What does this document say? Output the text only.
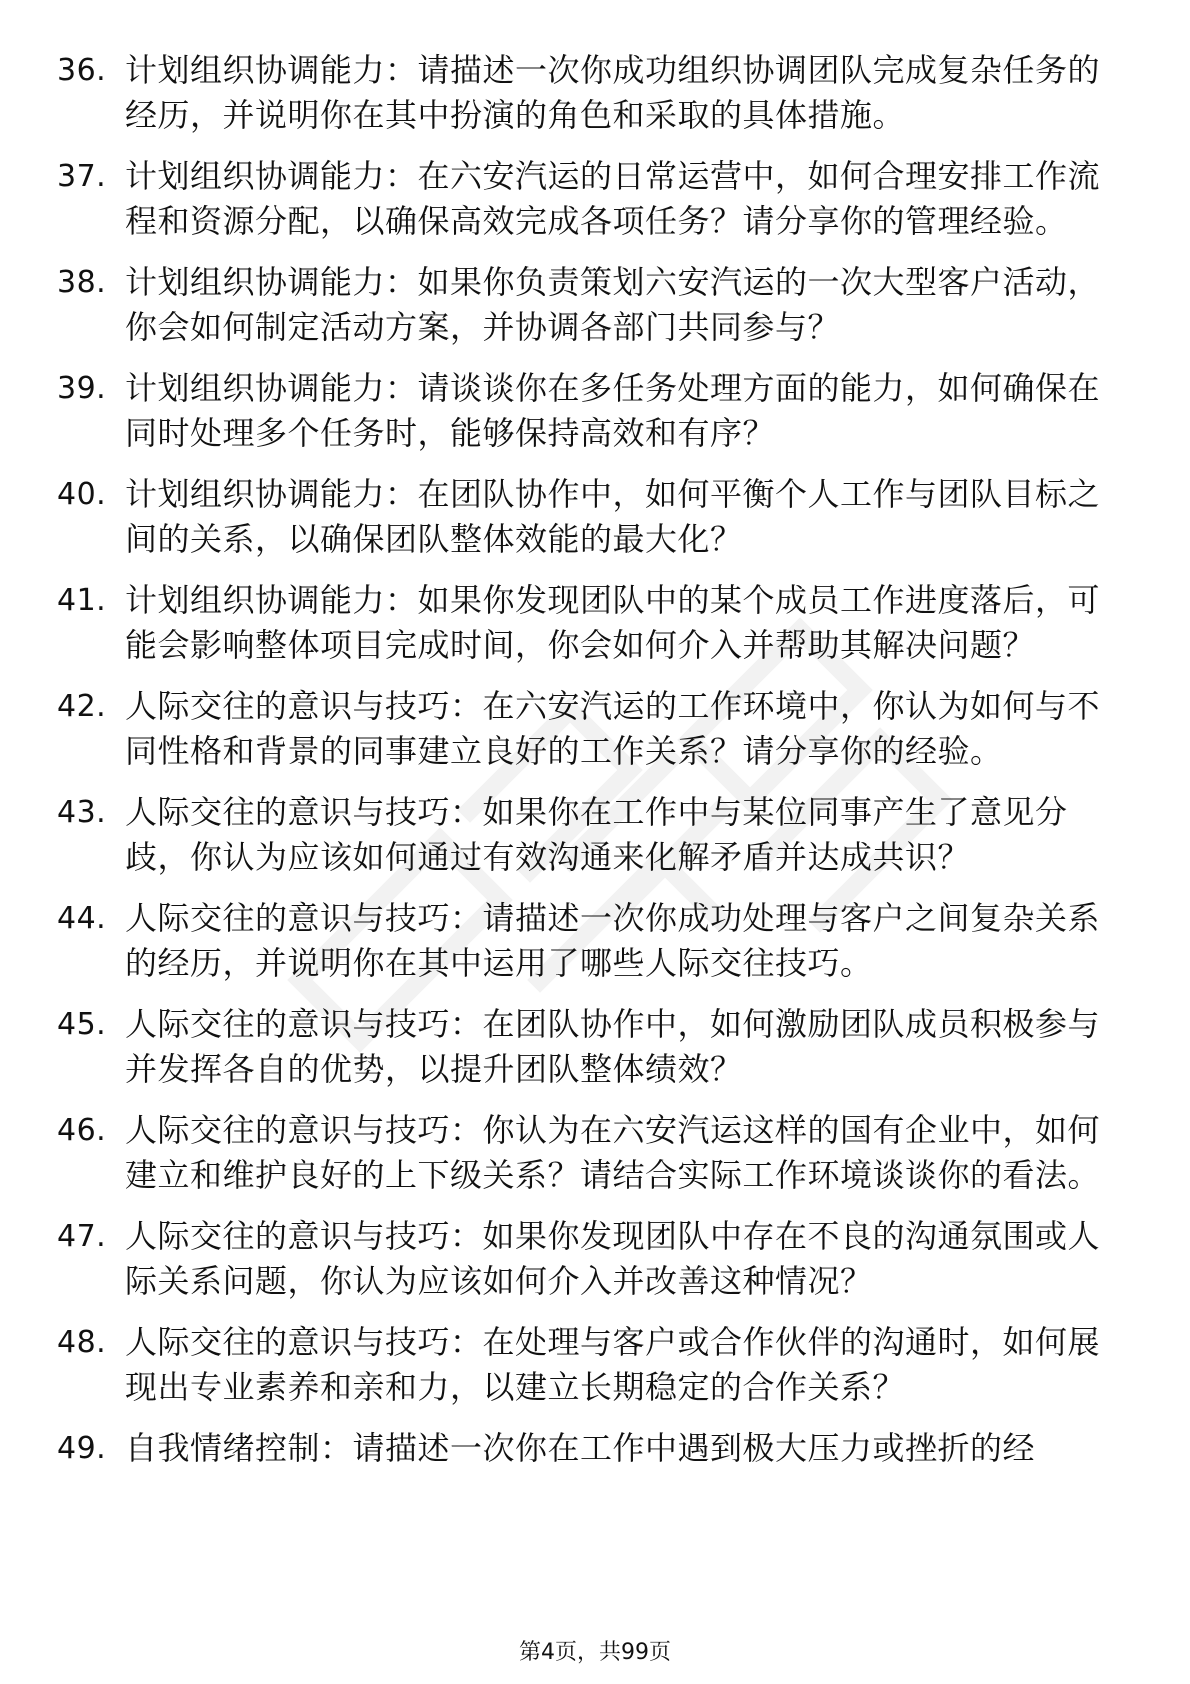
36. 计划组织协调能力：请描述一次你成功组织协调团队完成复杂任务的经历，并说明你在其中扮演的角色和采取的具体措施。
37. 计划组织协调能力：在六安汽运的日常运营中，如何合理安排工作流程和资源分配，以确保高效完成各项任务？请分享你的管理经验。
38. 计划组织协调能力：如果你负责策划六安汽运的一次大型客户活动，你会如何制定活动方案，并协调各部门共同参与？
39. 计划组织协调能力：请谈谈你在多任务处理方面的能力，如何确保在同时处理多个任务时，能够保持高效和有序？
40. 计划组织协调能力：在团队协作中，如何平衡个人工作与团队目标之间的关系，以确保团队整体效能的最大化？
41. 计划组织协调能力：如果你发现团队中的某个成员工作进度落后，可能会影响整体项目完成时间，你会如何介入并帮助其解决问题？
42. 人际交往的意识与技巧：在六安汽运的工作环境中，你认为如何与不同性格和背景的同事建立良好的工作关系？请分享你的经验。
43. 人际交往的意识与技巧：如果你在工作中与某位同事产生了意见分歧，你认为应该如何通过有效沟通来化解矛盾并达成共识？
44. 人际交往的意识与技巧：请描述一次你成功处理与客户之间复杂关系的经历，并说明你在其中运用了哪些人际交往技巧。
45. 人际交往的意识与技巧：在团队协作中，如何激励团队成员积极参与并发挥各自的优势，以提升团队整体绩效？
46. 人际交往的意识与技巧：你认为在六安汽运这样的国有企业中，如何建立和维护良好的上下级关系？请结合实际工作环境谈谈你的看法。
47. 人际交往的意识与技巧：如果你发现团队中存在不良的沟通氛围或人际关系问题，你认为应该如何介入并改善这种情况？
48. 人际交往的意识与技巧：在处理与客户或合作伙伴的沟通时，如何展现出专业素养和亲和力，以建立长期稳定的合作关系？
49. 自我情绪控制：请描述一次你在工作中遇到极大压力或挫折的经
第4页，共99页
